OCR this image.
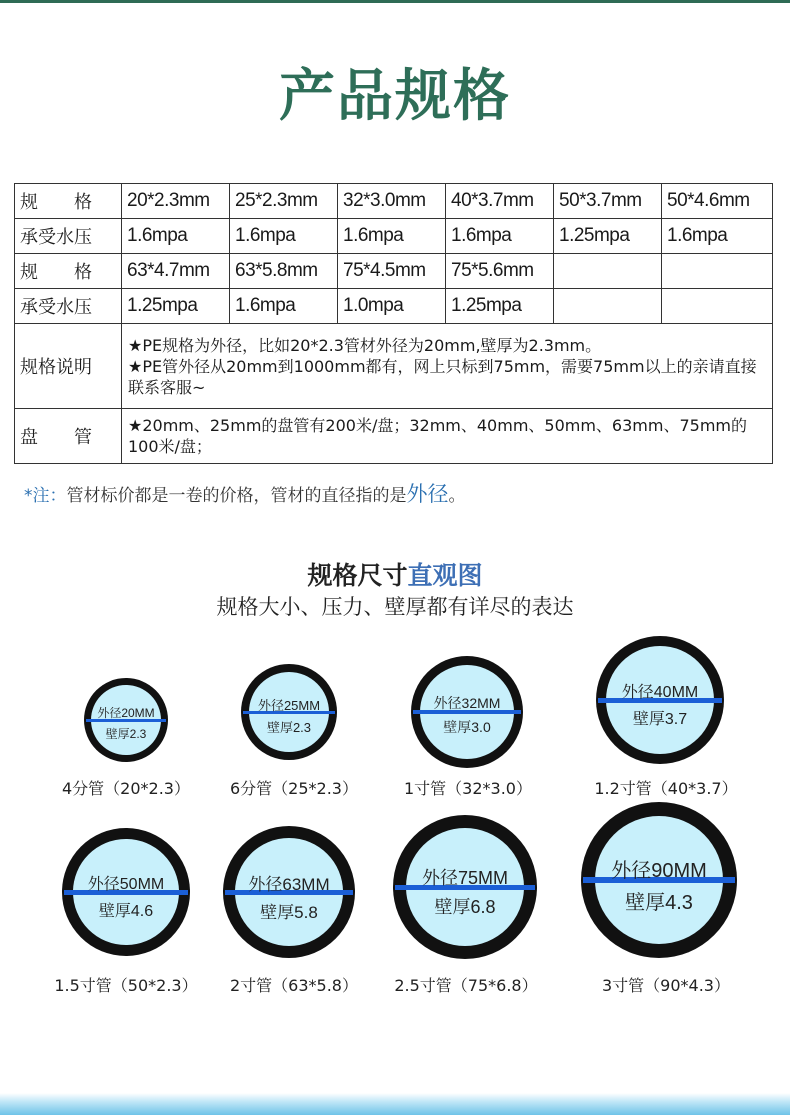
产品规格
规　　格	20*2.3mm	25*2.3mm	32*3.0mm	40*3.7mm	50*3.7mm	50*4.6mm
承受水压	1.6mpa	1.6mpa	1.6mpa	1.6mpa	1.25mpa	1.6mpa
规　　格	63*4.7mm	63*5.8mm	75*4.5mm	75*5.6mm		
承受水压	1.25mpa	1.6mpa	1.0mpa	1.25mpa		
规格说明	★PE规格为外径，比如20*2.3管材外径为20mm,壁厚为2.3mm。
★PE管外径从20mm到1000mm都有，网上只标到75mm，需要75mm以上的亲请直接联系客服~					

盘　　管	★20mm、25mm的盘管有200米/盘；32mm、40mm、50mm、63mm、75mm的100米/盘；					
*注：管材标价都是一卷的价格，管材的直径指的是外径。
规格尺寸直观图
规格大小、压力、壁厚都有详尽的表达
外径20MM
壁厚2.3
4分管（20*2.3）
外径25MM
壁厚2.3
6分管（25*2.3）
外径32MM
壁厚3.0
1寸管（32*3.0）
外径40MM
壁厚3.7
1.2寸管（40*3.7）
外径50MM
壁厚4.6
1.5寸管（50*2.3）
外径63MM
壁厚5.8
2寸管（63*5.8）
外径75MM
壁厚6.8
2.5寸管（75*6.8）
外径90MM
壁厚4.3
3寸管（90*4.3）
